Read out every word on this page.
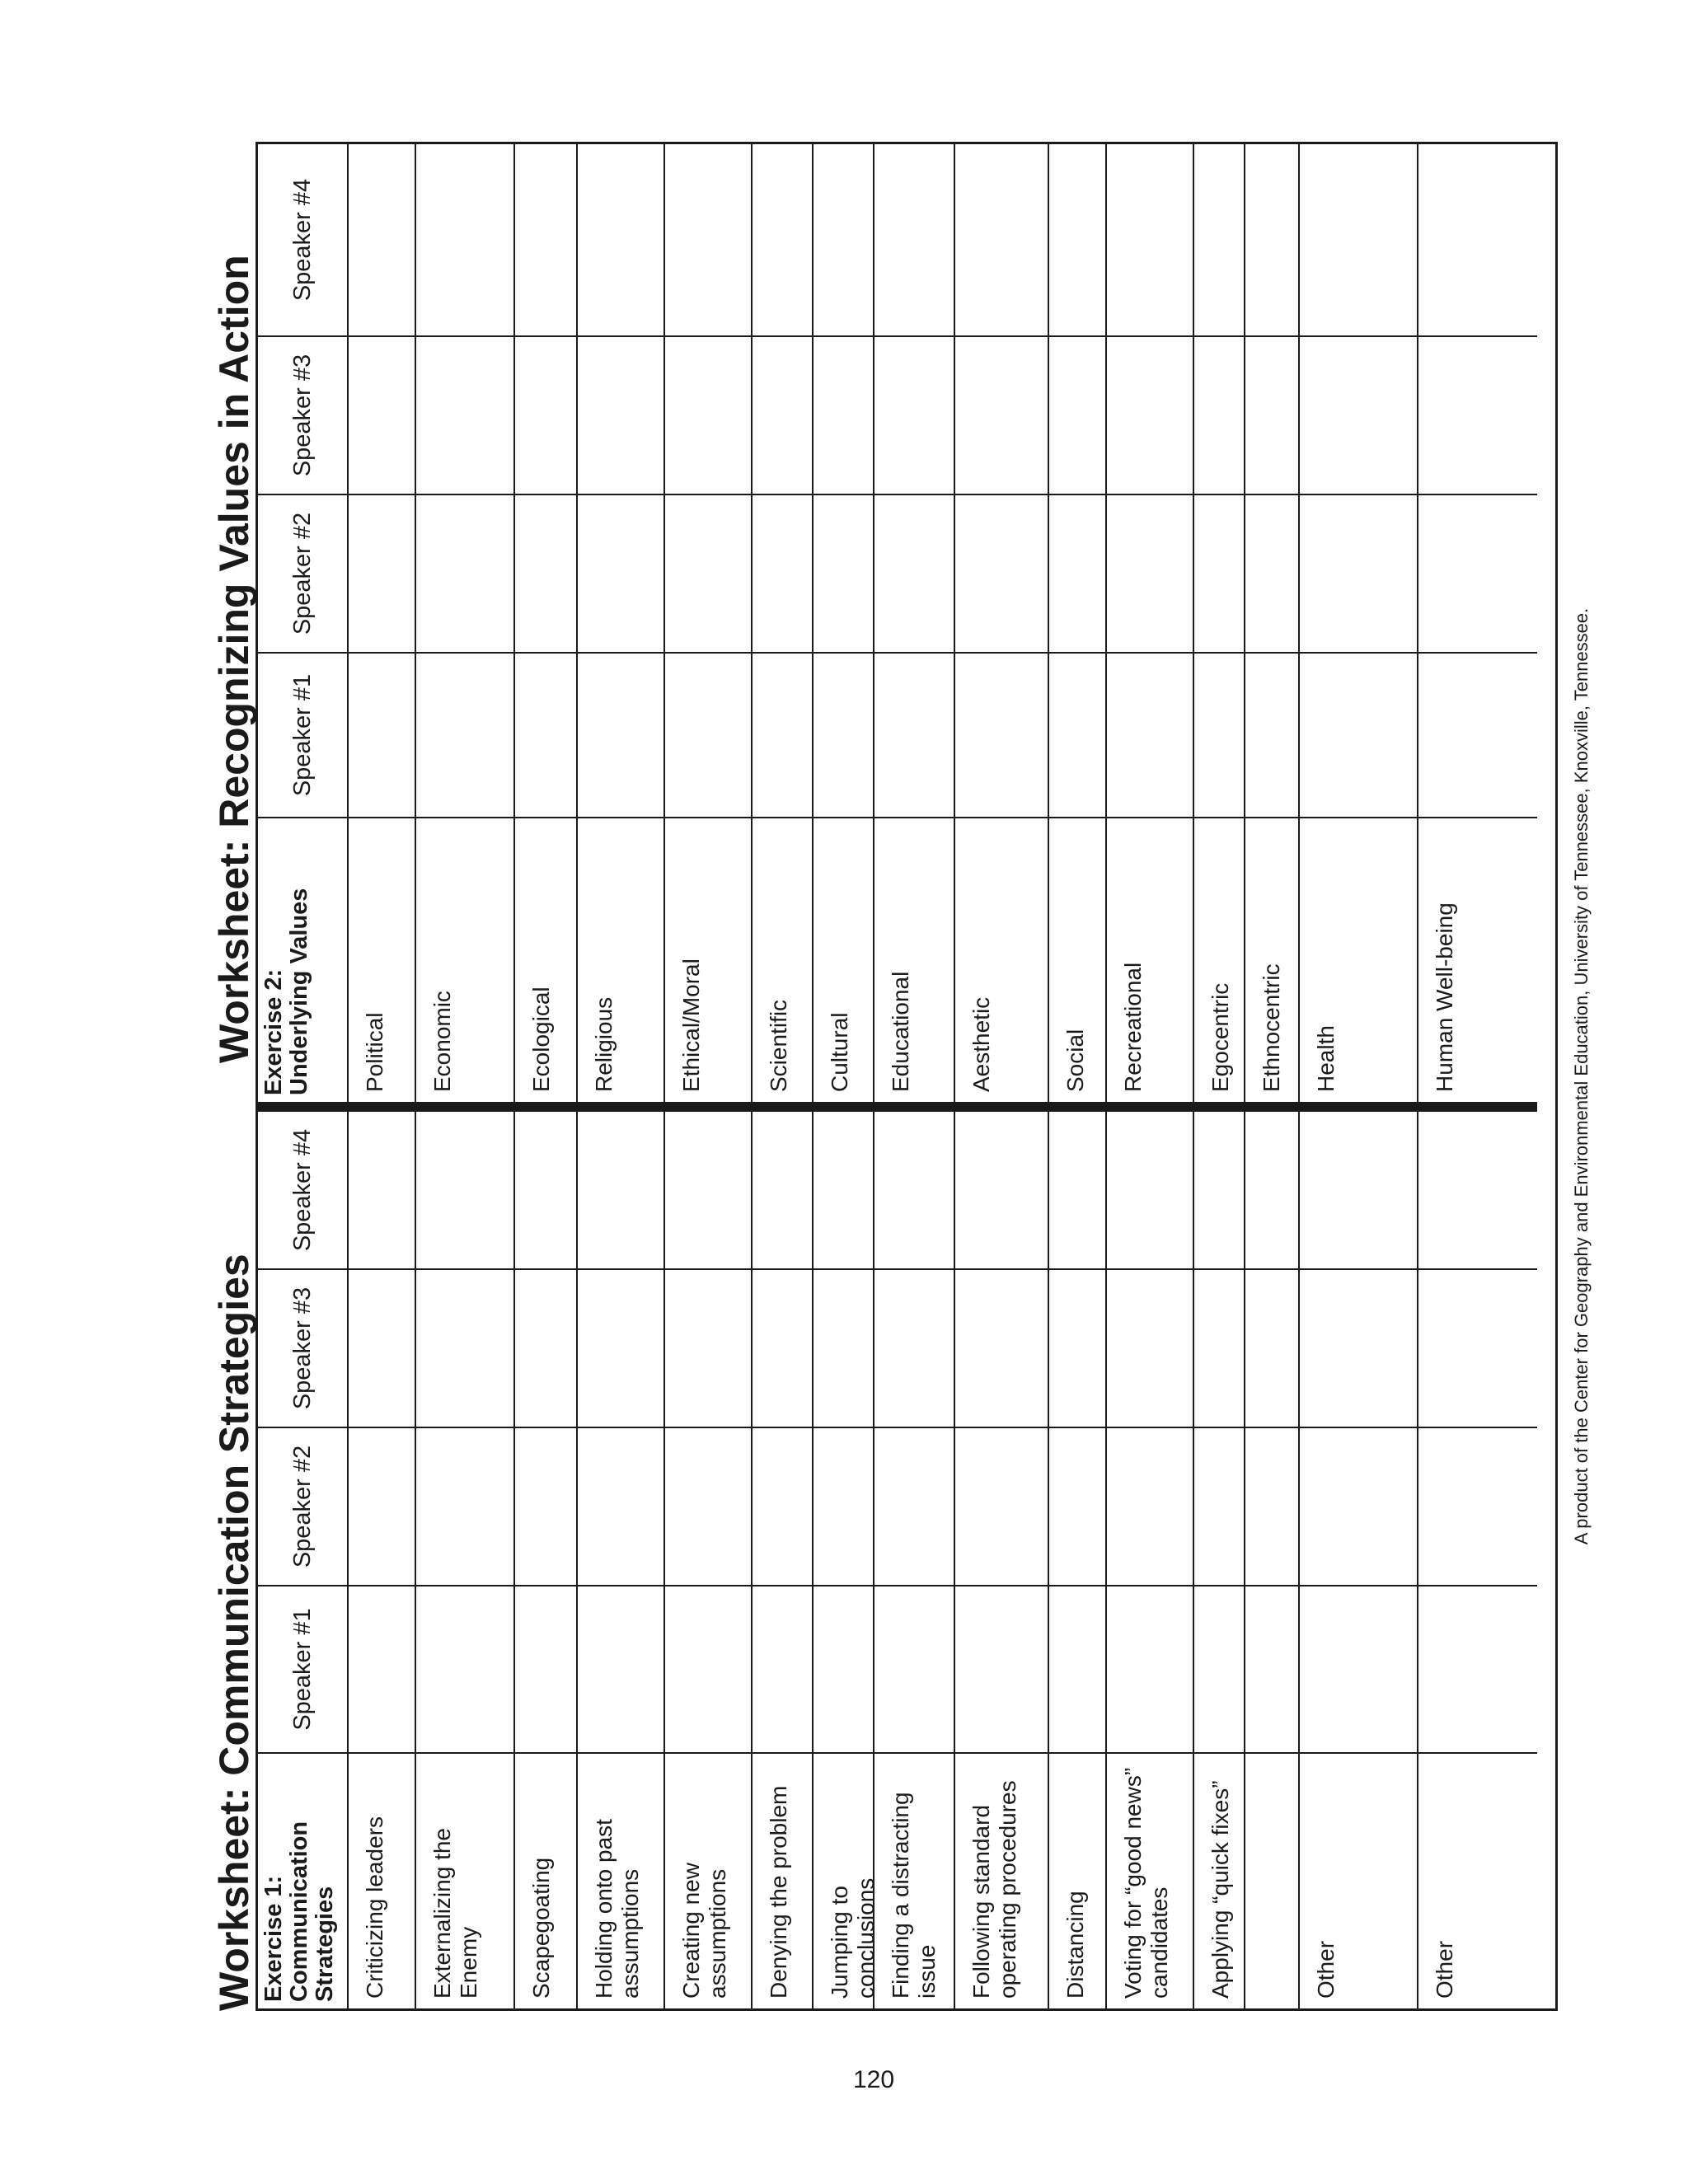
Worksheet: Communication Strategies
Worksheet: Recognizing Values in Action
Exercise 1: Communication Strategies
Speaker #1
Speaker #2
Speaker #3
Speaker #4
Exercise 2: Underlying Values
Speaker #1
Speaker #2
Speaker #3
Speaker #4
Criticizing leaders
Political
Externalizing the Enemy
Economic
Scapegoating
Ecological
Holding onto past assumptions
Religious
Creating new assumptions
Ethical/Moral
Denying the problem
Scientific
Jumping to conclusions
Cultural
Finding a distracting issue
Educational
Following standard operating procedures
Aesthetic
Distancing
Social
Voting for “good news” candidates
Recreational
Applying “quick fixes”
Egocentric	Ethnocentric
Other
Health
Other
Human Well-being	A product of the Center for Geography and Environmental Education, University of Tennessee, Knoxville, Tennessee.
120
